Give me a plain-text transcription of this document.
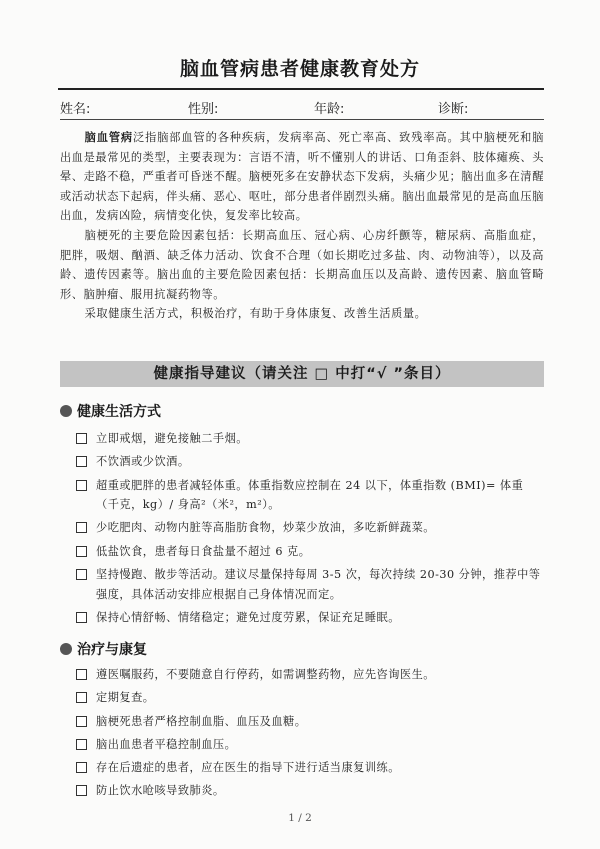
脑血管病患者健康教育处方
姓名:	性别:	年龄:	诊断:

脑血管病泛指脑部血管的各种疾病，发病率高、死亡率高、致残率高。其中脑梗死和脑出血是最常见的类型，主要表现为：言语不清，听不懂别人的讲话、口角歪斜、肢体瘫痪、头晕、走路不稳，严重者可昏迷不醒。脑梗死多在安静状态下发病，头痛少见；脑出血多在清醒或活动状态下起病，伴头痛、恶心、呕吐，部分患者伴剧烈头痛。脑出血最常见的是高血压脑出血，发病凶险，病情变化快，复发率比较高。

脑梗死的主要危险因素包括：长期高血压、冠心病、心房纤颤等，糖尿病、高脂血症，肥胖，吸烟、酗酒、缺乏体力活动、饮食不合理（如长期吃过多盐、肉、动物油等），以及高龄、遗传因素等。脑出血的主要危险因素包括：长期高血压以及高龄、遗传因素、脑血管畸形、脑肿瘤、服用抗凝药物等。

采取健康生活方式，积极治疗，有助于身体康复、改善生活质量。

健康指导建议（请关注 □ 中打“√ ”条目）
健康生活方式
立即戒烟，避免接触二手烟。
不饮酒或少饮酒。
超重或肥胖的患者减轻体重。体重指数应控制在 24 以下，体重指数 (BMI)= 体重（千克，kg）/ 身高²（米²，m²）。
少吃肥肉、动物内脏等高脂肪食物，炒菜少放油，多吃新鲜蔬菜。
低盐饮食，患者每日食盐量不超过 6 克。
坚持慢跑、散步等活动。建议尽量保持每周 3-5 次，每次持续 20-30 分钟，推荐中等强度，具体活动安排应根据自己身体情况而定。
保持心情舒畅、情绪稳定；避免过度劳累，保证充足睡眠。
治疗与康复
遵医嘱服药，不要随意自行停药，如需调整药物，应先咨询医生。
定期复查。
脑梗死患者严格控制血脂、血压及血糖。
脑出血患者平稳控制血压。
存在后遗症的患者，应在医生的指导下进行适当康复训练。
防止饮水呛咳导致肺炎。
1 / 2
